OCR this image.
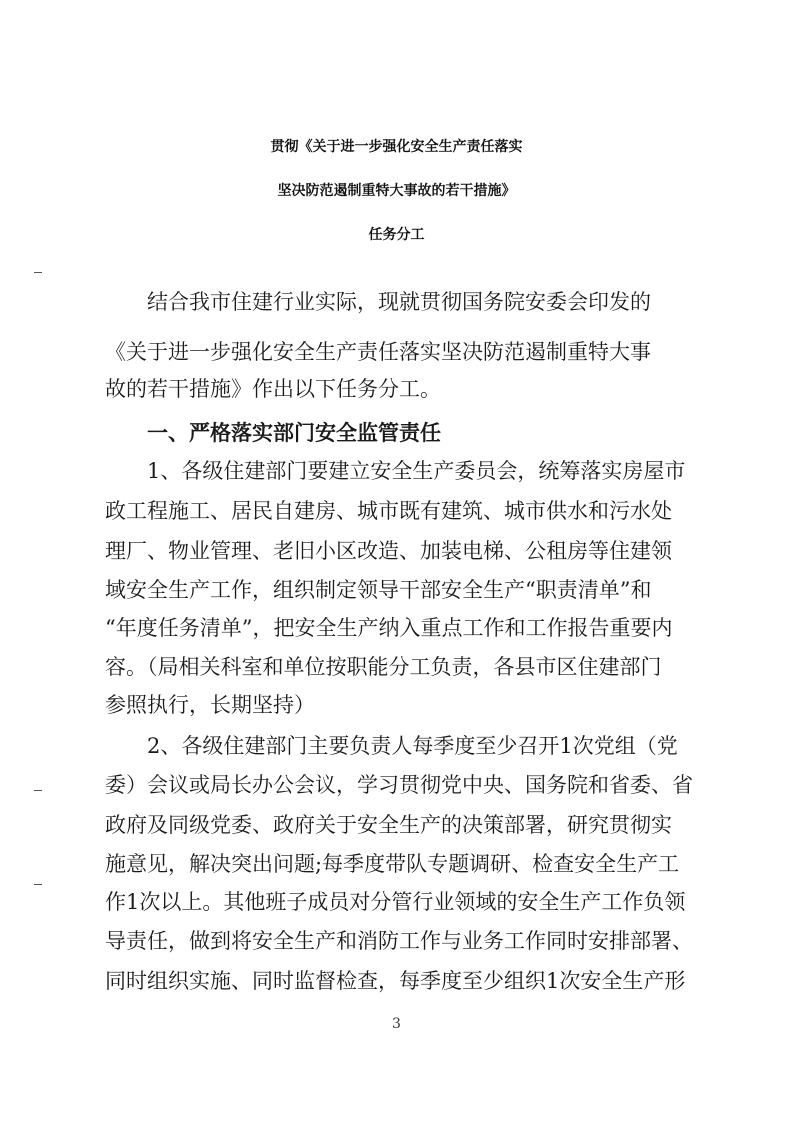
贯彻《关于进一步强化安全生产责任落实
坚决防范遏制重特大事故的若干措施》
任务分工
结合我市住建行业实际，现就贯彻国务院安委会印发的
《关于进一步强化安全生产责任落实坚决防范遏制重特大事
故的若干措施》作出以下任务分工。
一、严格落实部门安全监管责任
1、各级住建部门要建立安全生产委员会，统筹落实房屋市
政工程施工、居民自建房、城市既有建筑、城市供水和污水处
理厂、物业管理、老旧小区改造、加装电梯、公租房等住建领
域安全生产工作，组织制定领导干部安全生产“职责清单”和
“年度任务清单”，把安全生产纳入重点工作和工作报告重要内
容。（局相关科室和单位按职能分工负责，各县市区住建部门
参照执行，长期坚持）
2、各级住建部门主要负责人每季度至少召开1次党组（党
委）会议或局长办公会议，学习贯彻党中央、国务院和省委、省
政府及同级党委、政府关于安全生产的决策部署，研究贯彻实
施意见，解决突出问题;每季度带队专题调研、检查安全生产工
作1次以上。其他班子成员对分管行业领域的安全生产工作负领
导责任，做到将安全生产和消防工作与业务工作同时安排部署、
同时组织实施、同时监督检查，每季度至少组织1次安全生产形
3
